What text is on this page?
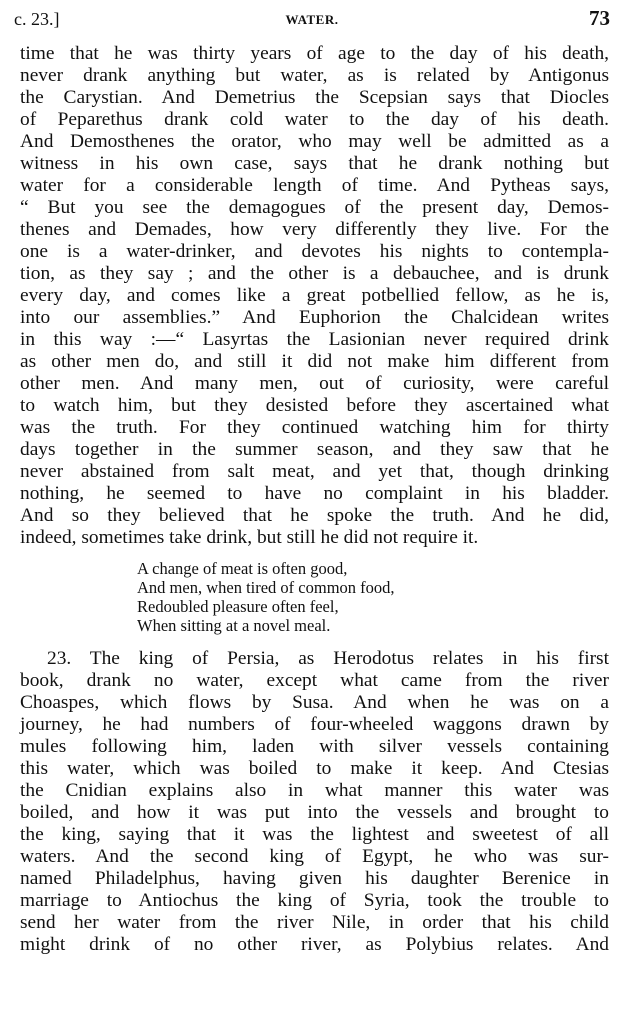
c. 23.]	WATER.	73
time that he was thirty years of age to the day of his death,
never drank anything but water, as is related by Antigonus
the Carystian. And Demetrius the Scepsian says that Diocles
of Peparethus drank cold water to the day of his death.
And Demosthenes the orator, who may well be admitted as a
witness in his own case, says that he drank nothing but
water for a considerable length of time. And Pytheas says,
“ But you see the demagogues of the present day, Demos-
thenes and Demades, how very differently they live. For the
one is a water-drinker, and devotes his nights to contempla-
tion, as they say ; and the other is a debauchee, and is drunk
every day, and comes like a great potbellied fellow, as he is,
into our assemblies.” And Euphorion the Chalcidean writes
in this way :—“ Lasyrtas the Lasionian never required drink
as other men do, and still it did not make him different from
other men. And many men, out of curiosity, were careful
to watch him, but they desisted before they ascertained what
was the truth. For they continued watching him for thirty
days together in the summer season, and they saw that he
never abstained from salt meat, and yet that, though drinking
nothing, he seemed to have no complaint in his bladder.
And so they believed that he spoke the truth. And he did,
indeed, sometimes take drink, but still he did not require it.
A change of meat is often good,
And men, when tired of common food,
Redoubled pleasure often feel,
When sitting at a novel meal.
23. The king of Persia, as Herodotus relates in his first
book, drank no water, except what came from the river
Choaspes, which flows by Susa. And when he was on a
journey, he had numbers of four-wheeled waggons drawn by
mules following him, laden with silver vessels containing
this water, which was boiled to make it keep. And Ctesias
the Cnidian explains also in what manner this water was
boiled, and how it was put into the vessels and brought to
the king, saying that it was the lightest and sweetest of all
waters. And the second king of Egypt, he who was sur-
named Philadelphus, having given his daughter Berenice in
marriage to Antiochus the king of Syria, took the trouble to
send her water from the river Nile, in order that his child
might drink of no other river, as Polybius relates. And
